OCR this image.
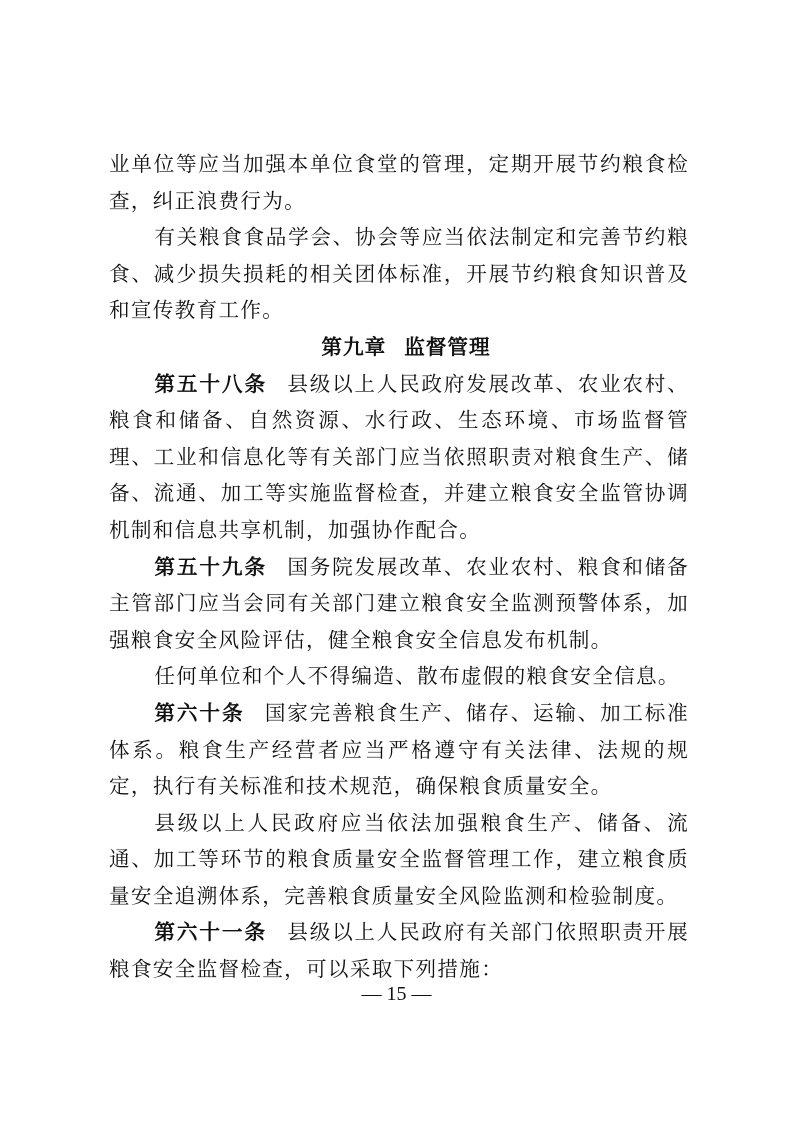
业单位等应当加强本单位食堂的管理，定期开展节约粮食检查，纠正浪费行为。

有关粮食食品学会、协会等应当依法制定和完善节约粮食、减少损失损耗的相关团体标准，开展节约粮食知识普及和宣传教育工作。

第九章 监督管理

第五十八条 县级以上人民政府发展改革、农业农村、粮食和储备、自然资源、水行政、生态环境、市场监督管理、工业和信息化等有关部门应当依照职责对粮食生产、储备、流通、加工等实施监督检查，并建立粮食安全监管协调机制和信息共享机制，加强协作配合。

第五十九条 国务院发展改革、农业农村、粮食和储备主管部门应当会同有关部门建立粮食安全监测预警体系，加强粮食安全风险评估，健全粮食安全信息发布机制。

任何单位和个人不得编造、散布虚假的粮食安全信息。

第六十条 国家完善粮食生产、储存、运输、加工标准体系。粮食生产经营者应当严格遵守有关法律、法规的规定，执行有关标准和技术规范，确保粮食质量安全。

县级以上人民政府应当依法加强粮食生产、储备、流通、加工等环节的粮食质量安全监督管理工作，建立粮食质量安全追溯体系，完善粮食质量安全风险监测和检验制度。

第六十一条 县级以上人民政府有关部门依照职责开展粮食安全监督检查，可以采取下列措施：

— 15 —
